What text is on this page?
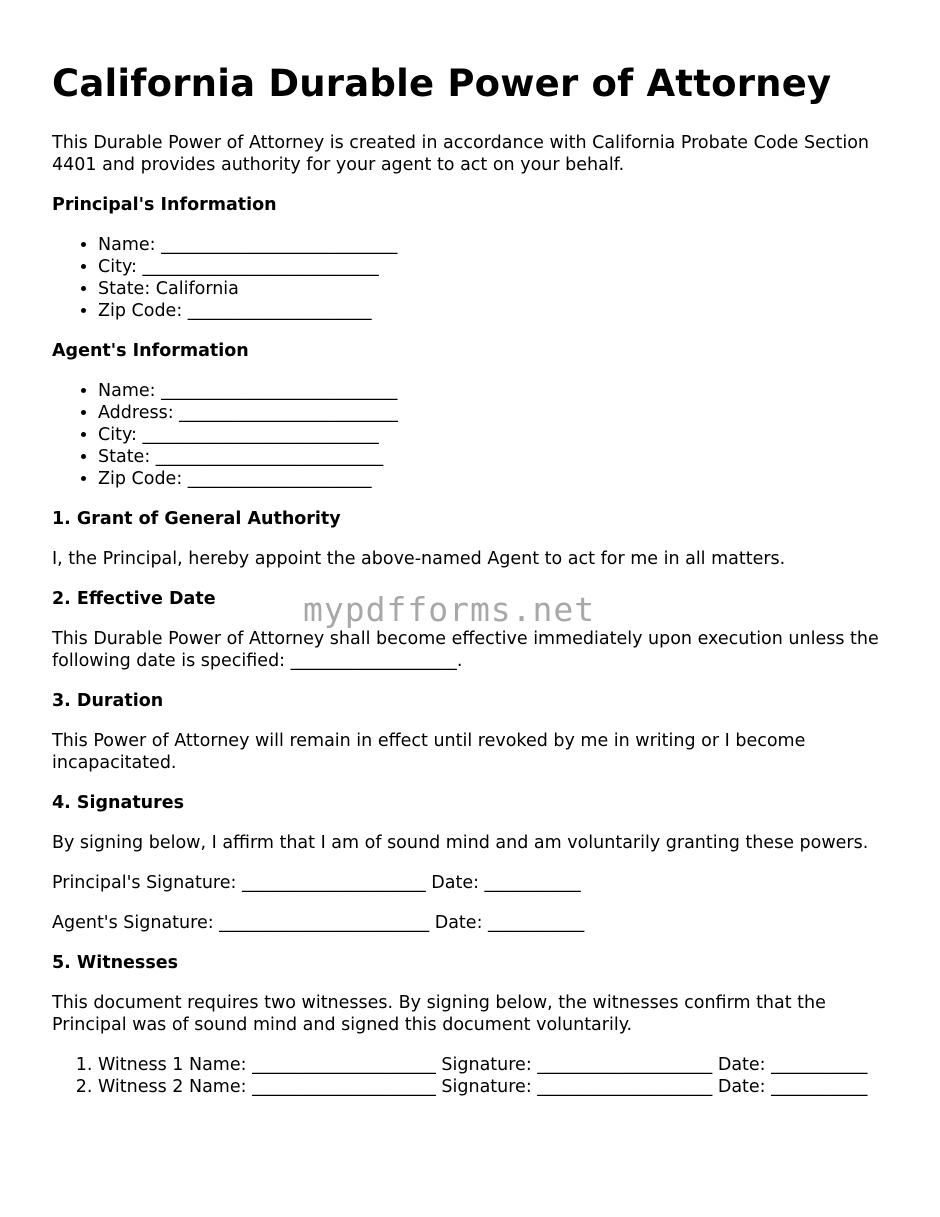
California Durable Power of Attorney

This Durable Power of Attorney is created in accordance with California Probate Code Section 4401 and provides authority for your agent to act on your behalf.

Principal's Information
• Name: ___________________________
• City: ___________________________
• State: California
• Zip Code: _____________________
Agent's Information
• Name: ___________________________
• Address: _________________________
• City: ___________________________
• State: __________________________
• Zip Code: _____________________
1. Grant of General Authority

I, the Principal, hereby appoint the above-named Agent to act for me in all matters.

2. Effective Date

This Durable Power of Attorney shall become effective immediately upon execution unless the following date is specified: ___________________.

3. Duration

This Power of Attorney will remain in effect until revoked by me in writing or I become incapacitated.

4. Signatures

By signing below, I affirm that I am of sound mind and am voluntarily granting these powers.

Principal's Signature: _____________________ Date: ___________

Agent's Signature: ________________________ Date: ___________

5. Witnesses

This document requires two witnesses. By signing below, the witnesses confirm that the Principal was of sound mind and signed this document voluntarily.

1. Witness 1 Name: _____________________ Signature: ____________________ Date: ___________
2. Witness 2 Name: _____________________ Signature: ____________________ Date: ___________
mypdfforms.net
